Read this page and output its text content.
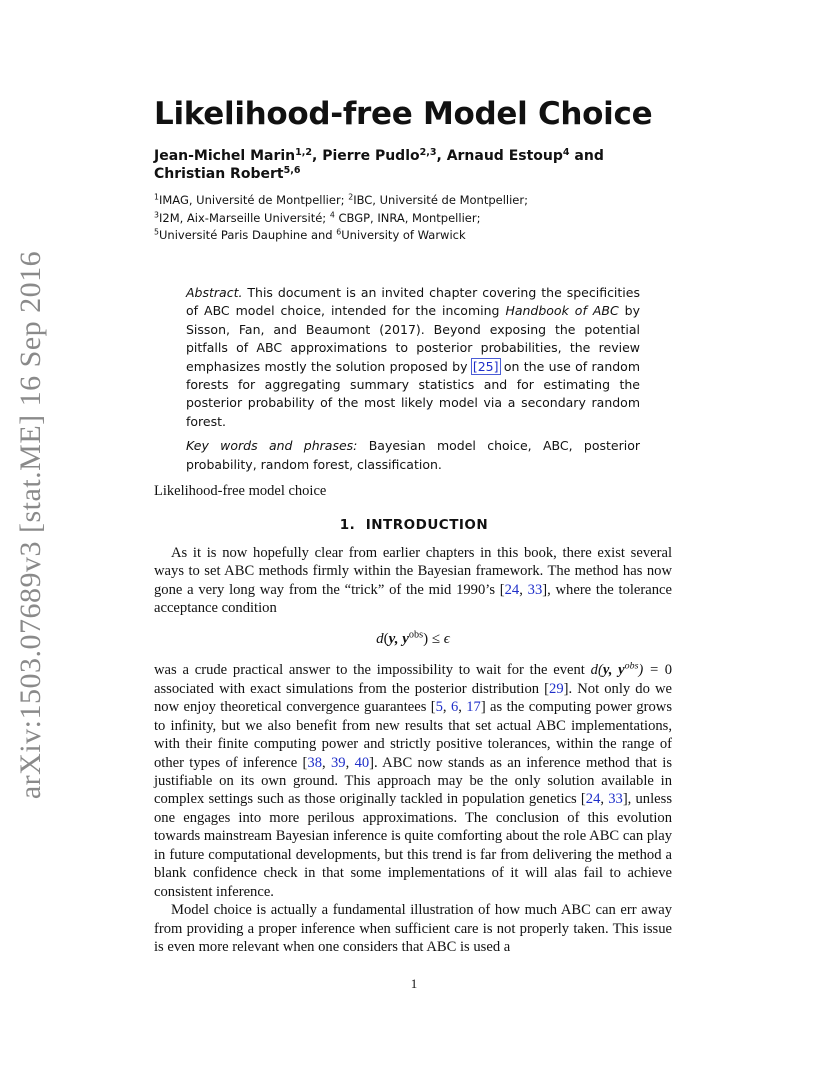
arXiv:1503.07689v3 [stat.ME] 16 Sep 2016
Likelihood-free Model Choice

Jean-Michel Marin$^{1,2}$, Pierre Pudlo$^{2,3}$, Arnaud Estoup$^4$ and Christian Robert$^{5,6}$

$^1$IMAG, Université de Montpellier; $^2$IBC, Université de Montpellier;
$^3$I2M, Aix-Marseille Université; $^4$ CBGP, INRA, Montpellier;
$^5$Université Paris Dauphine and $^6$University of Warwick

Abstract. This document is an invited chapter covering the specificities of ABC model choice, intended for the incoming Handbook of ABC by Sisson, Fan, and Beaumont (2017). Beyond exposing the potential pitfalls of ABC approximations to posterior probabilities, the review emphasizes mostly the solution proposed by [25] on the use of random forests for aggregating summary statistics and for estimating the posterior probability of the most likely model via a secondary random forest.

Key words and phrases: Bayesian model choice, ABC, posterior probability, random forest, classification.

Likelihood-free model choice
1. INTRODUCTION

As it is now hopefully clear from earlier chapters in this book, there exist several ways to set ABC methods firmly within the Bayesian framework. The method has now gone a very long way from the “trick” of the mid 1990’s [24, 33], where the tolerance acceptance condition

d(y, $y^{obs}) \le \epsilon$

was a crude practical answer to the impossibility to wait for the event d(y, $y^{obs}) = 0$ associated with exact simulations from the posterior distribution [29]. Not only do we now enjoy theoretical convergence guarantees [5, 6, 17] as the computing power grows to infinity, but we also benefit from new results that set actual ABC implementations, with their finite computing power and strictly positive tolerances, within the range of other types of inference [38, 39, 40]. ABC now stands as an inference method that is justifiable on its own ground. This approach may be the only solution available in complex settings such as those originally tackled in population genetics [24, 33], unless one engages into more perilous approximations. The conclusion of this evolution towards mainstream Bayesian inference is quite comforting about the role ABC can play in future computational developments, but this trend is far from delivering the method a blank confidence check in that some implementations of it will alas fail to achieve consistent inference.

Model choice is actually a fundamental illustration of how much ABC can err away from providing a proper inference when sufficient care is not properly taken. This issue is even more relevant when one considers that ABC is used a

1
